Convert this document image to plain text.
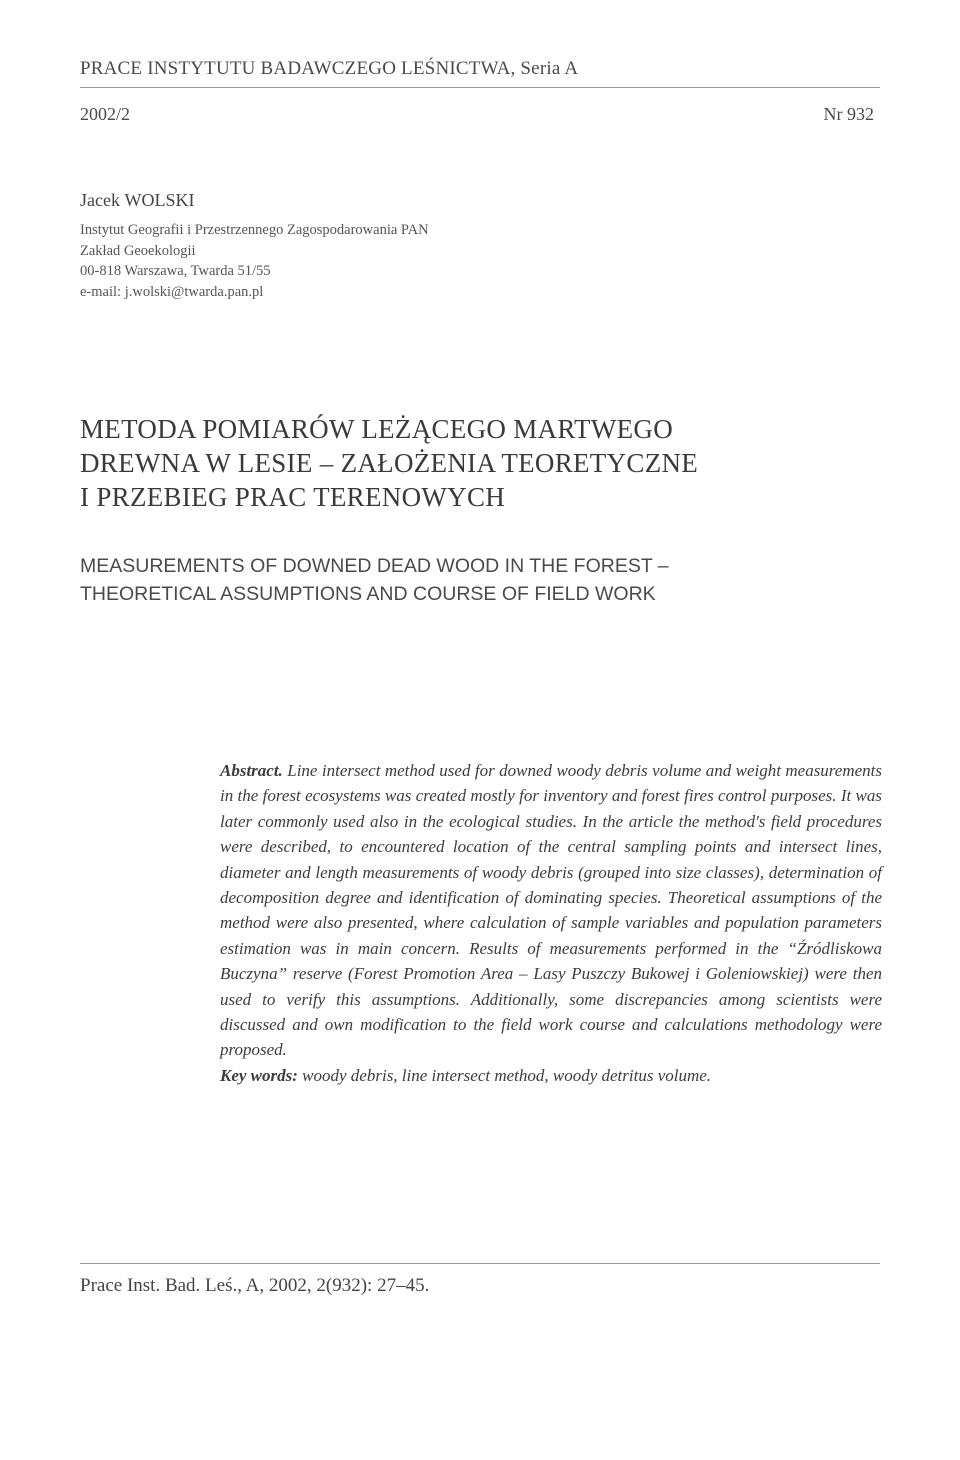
PRACE INSTYTUTU BADAWCZEGO LEŚNICTWA, Seria A
2002/2	Nr 932
Jacek WOLSKI
Instytut Geografii i Przestrzennego Zagospodarowania PAN
Zakład Geoekologii
00-818 Warszawa, Twarda 51/55
e-mail: j.wolski@twarda.pan.pl
METODA POMIARÓW LEŻĄCEGO MARTWEGO
DREWNA W LESIE – ZAŁOŻENIA TEORETYCZNE
I PRZEBIEG PRAC TERENOWYCH
MEASUREMENTS OF DOWNED DEAD WOOD IN THE FOREST –
THEORETICAL ASSUMPTIONS AND COURSE OF FIELD WORK
Abstract. Line intersect method used for downed woody debris volume and weight measurements in the forest ecosystems was created mostly for inventory and forest fires control purposes. It was later commonly used also in the ecological studies. In the article the method's field procedures were described, to encountered location of the central sampling points and intersect lines, diameter and length measurements of woody debris (grouped into size classes), determination of decomposition degree and identification of dominating species. Theoretical assumptions of the method were also presented, where calculation of sample variables and population parameters estimation was in main concern. Results of measurements performed in the “Źródliskowa Buczyna” reserve (Forest Promotion Area – Lasy Puszczy Bukowej i Goleniowskiej) were then used to verify this assumptions. Additionally, some discrepancies among scientists were discussed and own modification to the field work course and calculations methodology were proposed.
Key words: woody debris, line intersect method, woody detritus volume.
Prace Inst. Bad. Leś., A, 2002, 2(932): 27–45.
